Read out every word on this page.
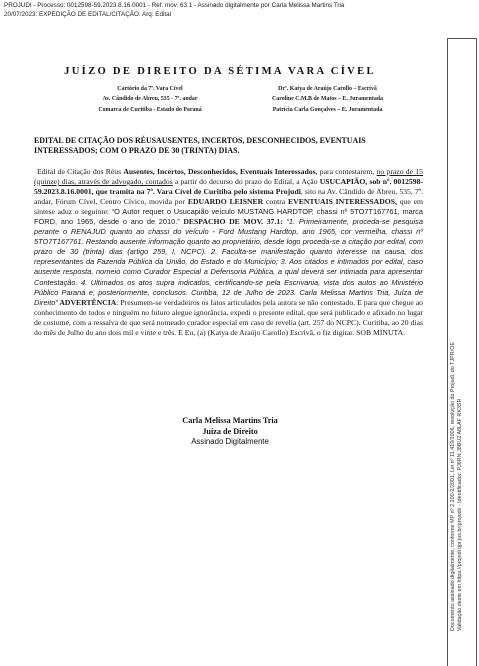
PROJUDI - Processo: 0012598-59.2023.8.16.0001 - Ref. mov. 63.1 - Assinado digitalmente por Carla Melissa Martins Tria
20/07/2023: EXPEDIÇÃO DE EDITAL/CITAÇÃO. Arq: Edital
JUÍZO DE DIREITO DA SÉTIMA VARA CÍVEL
Cartório da 7ª. Vara Cível
Av. Cândido de Abreu, 535 - 7º. andar
Comarca de Curitiba - Estado do Paraná
Drª. Katya de Araújo Carollo – Escrivã
Caroline C.M.B de Matos – E. Juramentada
Patrícia Carla Gonçalves – E. Juramentada
EDITAL DE CITAÇÃO DOS RÉUSAUSENTES, INCERTOS, DESCONHECIDOS, EVENTUAIS INTERESSADOS; COM O PRAZO DE 30 (TRINTA) DIAS.
Edital de Citação dos Réus Ausentes, Incertos, Desconhecidos, Eventuais Interessados, para contestarem, no prazo de 15 (quinze) dias, através de advogado, contados a partir do decurso do prazo do Edital, a Ação USUCAPIÃO, sob nº. 0012598-59.2023.8.16.0001, que tramita na 7ª. Vara Cível de Curitiba pelo sistema Projudi, sito na Av. Cândido de Abreu, 535, 7º. andar, Fórum Cível, Centro Cívico, movida por EDUARDO LEISNER contra EVENTUAIS INTERESSADOS, que em síntese aduz o seguinte: “O Autor requer o Usucapião veículo MUSTANG HARDTOP, chassi nº 5TO7T167761, marca FORD, ano 1965, desde o ano de 2010.” DESPACHO DE MOV. 37.1: “1. Primeiramente, proceda-se pesquisa perante o RENAJUD quanto ao chassi do veículo - Ford Mustang Hardtop, ano 1965, cor vermelha, chassi nº 5TO7T167761. Restando ausente informação quanto ao proprietário, desde logo proceda-se a citação por edital, com prazo de 30 (trinta) dias (artigo 259, I, NCPC). 2. Faculta-se manifestação quanto interesse na causa, dos representantes da Fazenda Pública da União, do Estado e do Município; 3. Aos citados e intimados por edital, caso ausente resposta, nomeio como Curador Especial a Defensoria Pública, a qual deverá ser intimada para apresentar Contestação. 4. Ultimados os atos supra indicados, certificando-se pela Escrivania, vista dos autos ao Ministério Público Paraná e, posteriormente, conclusos. Curitiba, 12 de Julho de 2023. Carla Melissa Martins Tria, Juíza de Direito” ADVERTÊNCIA: Presumem-se verdadeiros os fatos articulados pela autora se não contestado. E para que chegue ao conhecimento de todos e ninguém no futuro alegue ignorância, expedi o presente edital, que será publicado e afixado no lugar de costume, com a ressalva de que será nomeado curador especial em caso de revelia (art. 257 do NCPC). Curitiba, ao 20 dias do mês de Julho do ano dois mil e vinte e três. E Eu, (a) (Katya de Araújo Carollo) Escrivã, o fiz digitar. SOB MINUTA.
Carla Melissa Martins Tria
Juíza de Direito
Assinado Digitalmente	Documento assinado digitalmente, conforme MP nº 2.200-2/2001, Lei nº 11.419/2006, resolução do Projudi, do TJPR/OE Validação deste em https://projudi.tjpr.jus.br/projudi/ - Identificador: PJ6RN J8BU2 A8LAF RK3SR
